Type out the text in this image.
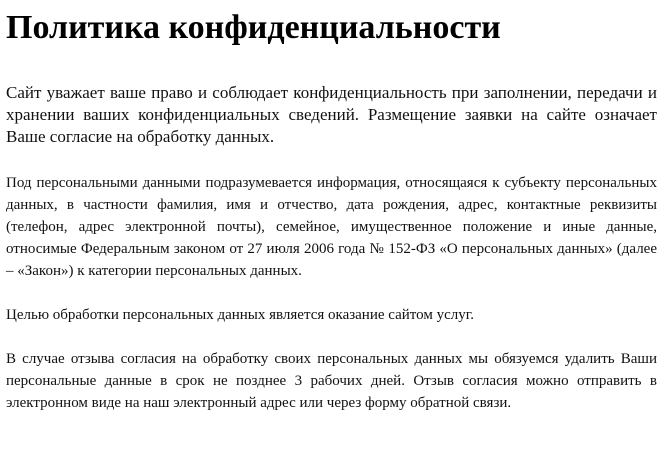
Политика конфиденциальности

Сайт уважает ваше право и соблюдает конфиденциальность при заполнении, передачи и хранении ваших конфиденциальных сведений. Размещение заявки на сайте означает Ваше согласие на обработку данных.

Под персональными данными подразумевается информация, относящаяся к субъекту персональных данных, в частности фамилия, имя и отчество, дата рождения, адрес, контактные реквизиты (телефон, адрес электронной почты), семейное, имущественное положение и иные данные, относимые Федеральным законом от 27 июля 2006 года № 152-ФЗ «О персональных данных» (далее – «Закон») к категории персональных данных.

Целью обработки персональных данных является оказание сайтом услуг.

В случае отзыва согласия на обработку своих персональных данных мы обязуемся удалить Ваши персональные данные в срок не позднее 3 рабочих дней. Отзыв согласия можно отправить в электронном виде на наш электронный адрес или через форму обратной связи.
